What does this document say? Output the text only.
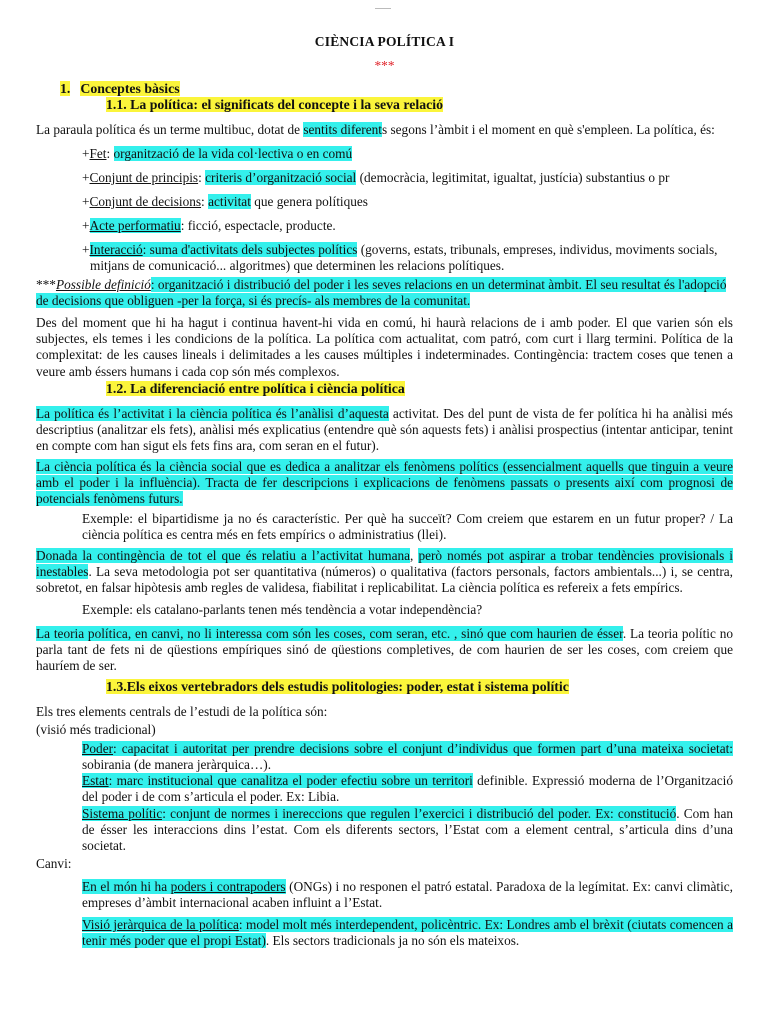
CIÈNCIA POLÍTICA I
***
1. Conceptes bàsics
1.1. La política: el significats del concepte i la seva relació

La paraula política és un terme multibuc, dotat de sentits diferents segons l’àmbit i el moment en què s'empleen. La política, és:

+Fet: organització de la vida col·lectiva o en comú

+Conjunt de principis: criteris d’organització social (democràcia, legitimitat, igualtat, justícia) substantius o pr

+Conjunt de decisions: activitat que genera polítiques

+Acte performatiu: ficció, espectacle, producte.

+Interacció: suma d'activitats dels subjectes polítics (governs, estats, tribunals, empreses, individus, moviments socials, mitjans de comunicació... algoritmes) que determinen les relacions polítiques.

***Possible definició: organització i distribució del poder i les seves relacions en un determinat àmbit. El seu resultat és l'adopció de decisions que obliguen -per la força, si és precís- als membres de la comunitat.

Des del moment que hi ha hagut i continua havent-hi vida en comú, hi haurà relacions de i amb poder. El que varien són els subjectes, els temes i les condicions de la política. La política com actualitat, com patró, com curt i llarg termini. Política de la complexitat: de les causes lineals i delimitades a les causes múltiples i indeterminades. Contingència: tractem coses que tenen a veure amb éssers humans i cada cop són més complexos.

1.2. La diferenciació entre política i ciència política

La política és l’activitat i la ciència política és l’anàlisi d’aquesta activitat. Des del punt de vista de fer política hi ha anàlisi més descriptius (analitzar els fets), anàlisi més explicatius (entendre què són aquests fets) i anàlisi prospectius (intentar anticipar, tenint en compte com han sigut els fets fins ara, com seran en el futur).

La ciència política és la ciència social que es dedica a analitzar els fenòmens polítics (essencialment aquells que tinguin a veure amb el poder i la influència). Tracta de fer descripcions i explicacions de fenòmens passats o presents així com prognosi de potencials fenòmens futurs.

Exemple: el bipartidisme ja no és característic. Per què ha succeït? Com creiem que estarem en un futur proper? / La ciència política es centra més en fets empírics o administratius (llei).

Donada la contingència de tot el que és relatiu a l’activitat humana, però només pot aspirar a trobar tendències provisionals i inestables. La seva metodologia pot ser quantitativa (números) o qualitativa (factors personals, factors ambientals...) i, se centra, sobretot, en falsar hipòtesis amb regles de validesa, fiabilitat i replicabilitat. La ciència política es refereix a fets empírics.

Exemple: els catalano-parlants tenen més tendència a votar independència?

La teoria política, en canvi, no li interessa com són les coses, com seran, etc. , sinó que com haurien de ésser. La teoria polític no parla tant de fets ni de qüestions empíriques sinó de qüestions completives, de com haurien de ser les coses, com creiem que hauríem de ser.

1.3.Els eixos vertebradors dels estudis politologies: poder, estat i sistema polític

Els tres elements centrals de l’estudi de la política són:

(visió més tradicional)

Poder: capacitat i autoritat per prendre decisions sobre el conjunt d’individus que formen part d’una mateixa societat: sobirania (de manera jeràrquica…).

Estat: marc institucional que canalitza el poder efectiu sobre un territori definible. Expressió moderna de l’Organització del poder i de com s’articula el poder. Ex: Libia.

Sistema polític: conjunt de normes i inereccions que regulen l’exercici i distribució del poder. Ex: constitució. Com han de ésser les interaccions dins l’estat. Com els diferents sectors, l’Estat com a element central, s’articula dins d’una societat.

Canvi:

En el món hi ha poders i contrapoders (ONGs) i no responen el patró estatal. Paradoxa de la legímitat. Ex: canvi climàtic, empreses d’àmbit internacional acaben influint a l’Estat.

Visió jeràrquica de la política: model molt més interdependent, policèntric. Ex: Londres amb el brèxit (ciutats comencen a tenir més poder que el propi Estat). Els sectors tradicionals ja no són els mateixos.
